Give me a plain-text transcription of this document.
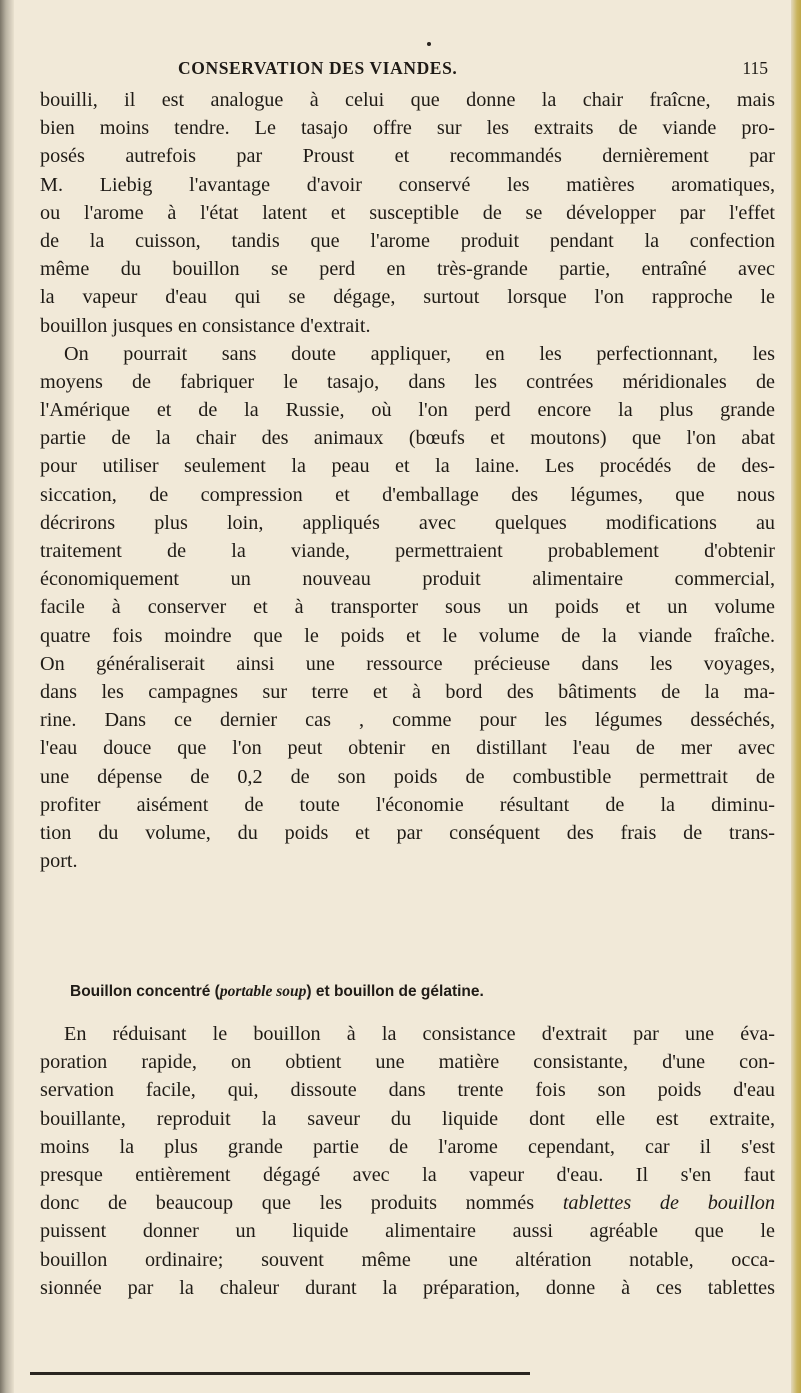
CONSERVATION DES VIANDES.	115
bouilli, il est analogue à celui que donne la chair fraîcne, mais
bien moins tendre. Le tasajo offre sur les extraits de viande pro-
posés autrefois par Proust et recommandés dernièrement par
M. Liebig l'avantage d'avoir conservé les matières aromatiques,
ou l'arome à l'état latent et susceptible de se développer par l'effet
de la cuisson, tandis que l'arome produit pendant la confection
même du bouillon se perd en très-grande partie, entraîné avec
la vapeur d'eau qui se dégage, surtout lorsque l'on rapproche le
bouillon jusques en consistance d'extrait.
On pourrait sans doute appliquer, en les perfectionnant, les
moyens de fabriquer le tasajo, dans les contrées méridionales de
l'Amérique et de la Russie, où l'on perd encore la plus grande
partie de la chair des animaux (bœufs et moutons) que l'on abat
pour utiliser seulement la peau et la laine. Les procédés de des-
siccation, de compression et d'emballage des légumes, que nous
décrirons plus loin, appliqués avec quelques modifications au
traitement de la viande, permettraient probablement d'obtenir
économiquement un nouveau produit alimentaire commercial,
facile à conserver et à transporter sous un poids et un volume
quatre fois moindre que le poids et le volume de la viande fraîche.
On généraliserait ainsi une ressource précieuse dans les voyages,
dans les campagnes sur terre et à bord des bâtiments de la ma-
rine. Dans ce dernier cas , comme pour les légumes desséchés,
l'eau douce que l'on peut obtenir en distillant l'eau de mer avec
une dépense de 0,2 de son poids de combustible permettrait de
profiter aisément de toute l'économie résultant de la diminu-
tion du volume, du poids et par conséquent des frais de trans-
port.
Bouillon concentré (portable soup) et bouillon de gélatine.
En réduisant le bouillon à la consistance d'extrait par une éva-
poration rapide, on obtient une matière consistante, d'une con-
servation facile, qui, dissoute dans trente fois son poids d'eau
bouillante, reproduit la saveur du liquide dont elle est extraite,
moins la plus grande partie de l'arome cependant, car il s'est
presque entièrement dégagé avec la vapeur d'eau. Il s'en faut
donc de beaucoup que les produits nommés tablettes de bouillon
puissent donner un liquide alimentaire aussi agréable que le
bouillon ordinaire; souvent même une altération notable, occa-
sionnée par la chaleur durant la préparation, donne à ces tablettes
